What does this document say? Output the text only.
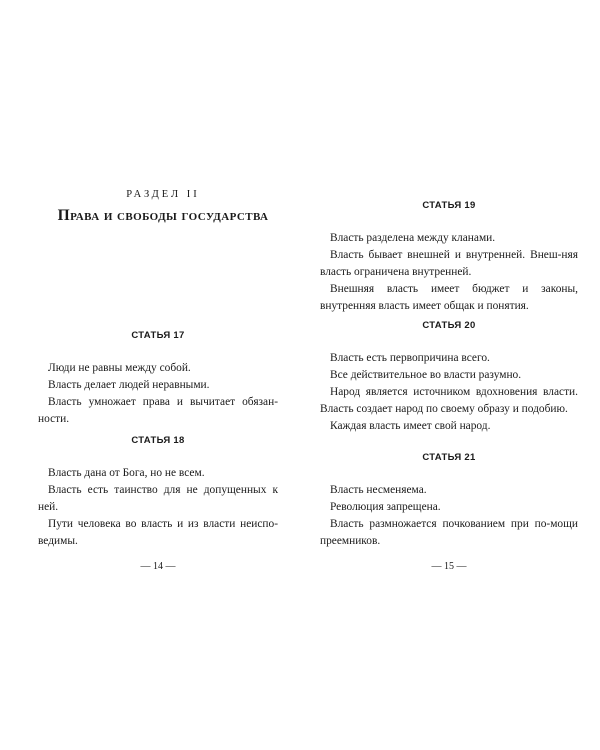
РАЗДЕЛ II
Права и свободы государства
СТАТЬЯ 17

Люди не равны между собой.

Власть делает людей неравными.

Власть умножает права и вычитает обязан-ности.

СТАТЬЯ 18

Власть дана от Бога, но не всем.

Власть есть таинство для не допущенных к ней.

Пути человека во власть и из власти неиспо-ведимы.

— 14 —
СТАТЬЯ 19

Власть разделена между кланами.

Власть бывает внешней и внутренней. Внеш-няя власть ограничена внутренней.

Внешняя власть имеет бюджет и законы, внутренняя власть имеет общак и понятия.

СТАТЬЯ 20

Власть есть первопричина всего.

Все действительное во власти разумно.

Народ является источником вдохновения власти. Власть создает народ по своему образу и подобию.

Каждая власть имеет свой народ.

СТАТЬЯ 21

Власть несменяема.

Революция запрещена.

Власть размножается почкованием при по-мощи преемников.

— 15 —
